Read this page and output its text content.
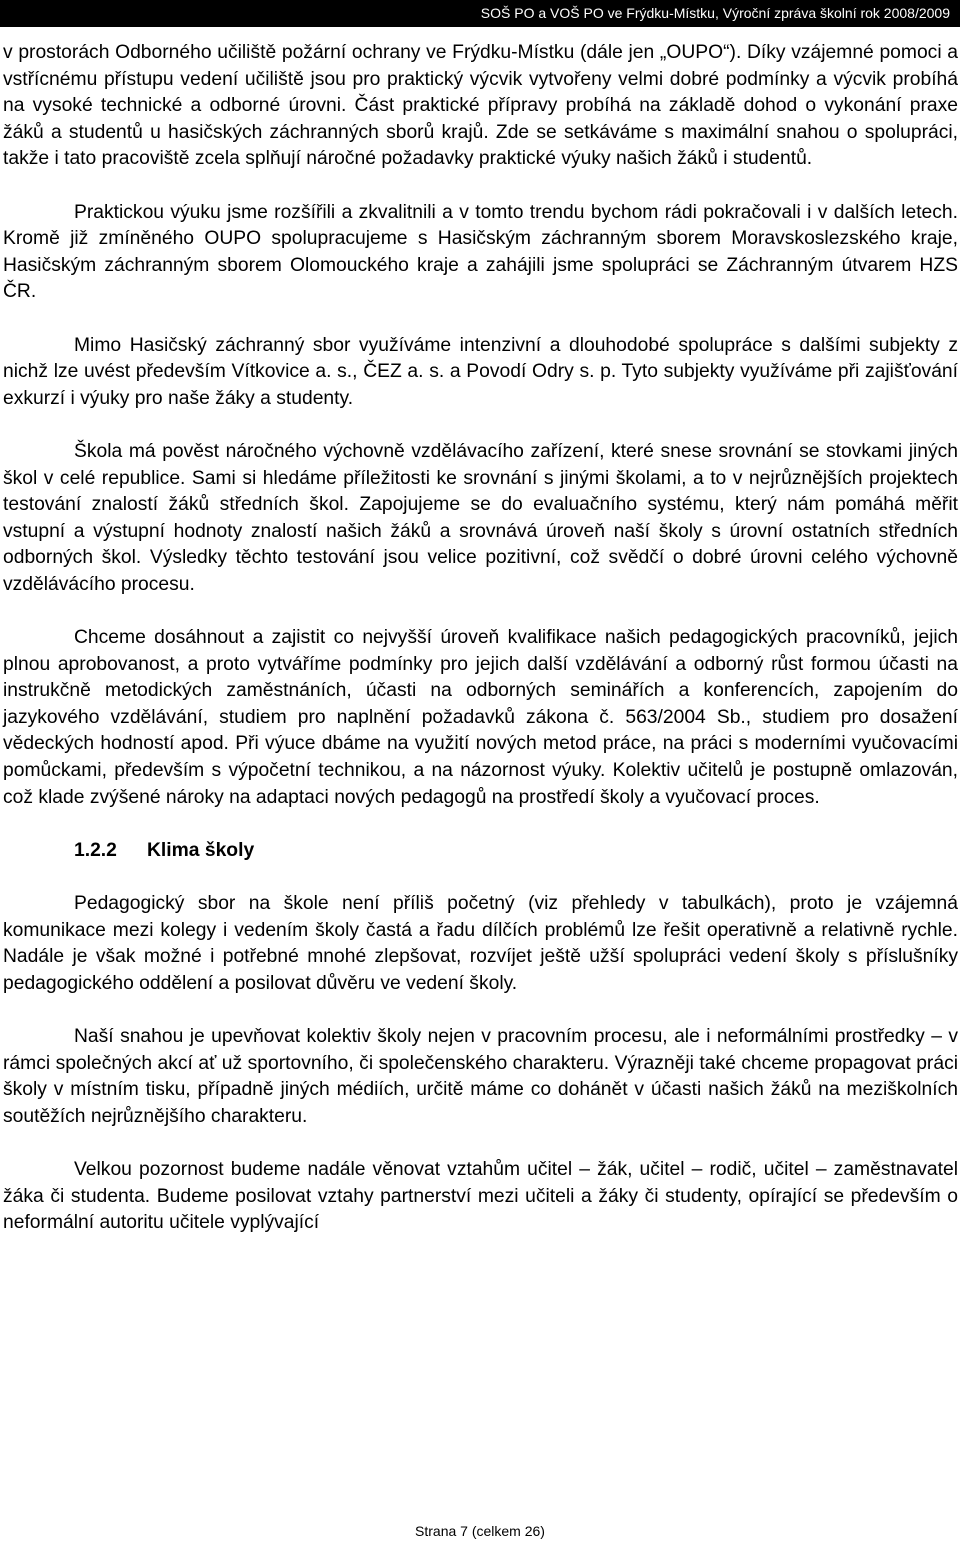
SOŠ PO a VOŠ PO ve Frýdku-Místku, Výroční zpráva školní rok 2008/2009

v prostorách Odborného učiliště požární ochrany ve Frýdku-Místku (dále jen „OUPO“). Díky vzájemné pomoci a vstřícnému přístupu vedení učiliště jsou pro praktický výcvik vytvořeny velmi dobré podmínky a výcvik probíhá na vysoké technické a odborné úrovni. Část praktické přípravy probíhá na základě dohod o vykonání praxe žáků a studentů u hasičských záchranných sborů krajů. Zde se setkáváme s maximální snahou o spolupráci, takže i tato pracoviště zcela splňují náročné požadavky praktické výuky našich žáků i studentů.

Praktickou výuku jsme rozšířili a zkvalitnili a v tomto trendu bychom rádi pokračovali i v dalších letech. Kromě již zmíněného OUPO spolupracujeme s Hasičským záchranným sborem Moravskoslezského kraje, Hasičským záchranným sborem Olomouckého kraje a zahájili jsme spolupráci se Záchranným útvarem HZS ČR.

Mimo Hasičský záchranný sbor využíváme intenzivní a dlouhodobé spolupráce s dalšími subjekty z nichž lze uvést především Vítkovice a. s., ČEZ a. s. a Povodí Odry s. p. Tyto subjekty využíváme při zajišťování exkurzí i výuky pro naše žáky a studenty.

Škola má pověst náročného výchovně vzdělávacího zařízení, které snese srovnání se stovkami jiných škol v celé republice. Sami si hledáme příležitosti ke srovnání s jinými školami, a to v nejrůznějších projektech testování znalostí žáků středních škol. Zapojujeme se do evaluačního systému, který nám pomáhá měřit vstupní a výstupní hodnoty znalostí našich žáků a srovnává úroveň naší školy s úrovní ostatních středních odborných škol. Výsledky těchto testování jsou velice pozitivní, což svědčí o dobré úrovni celého výchovně vzdělávácího procesu.

Chceme dosáhnout a zajistit co nejvyšší úroveň kvalifikace našich pedagogických pracovníků, jejich plnou aprobovanost, a proto vytváříme podmínky pro jejich další vzdělávání a odborný růst formou účasti na instrukčně metodických zaměstnáních, účasti na odborných seminářích a konferencích, zapojením do jazykového vzdělávání, studiem pro naplnění požadavků zákona č. 563/2004 Sb., studiem pro dosažení vědeckých hodností apod. Při výuce dbáme na využití nových metod práce, na práci s moderními vyučovacími pomůckami, především s výpočetní technikou, a na názornost výuky. Kolektiv učitelů je postupně omlazován, což klade zvýšené nároky na adaptaci nových pedagogů na prostředí školy a vyučovací proces.

1.2.2 Klima školy

Pedagogický sbor na škole není příliš početný (viz přehledy v tabulkách), proto je vzájemná komunikace mezi kolegy i vedením školy častá a řadu dílčích problémů lze řešit operativně a relativně rychle. Nadále je však možné i potřebné mnohé zlepšovat, rozvíjet ještě užší spolupráci vedení školy s příslušníky pedagogického oddělení a posilovat důvěru ve vedení školy.

Naší snahou je upevňovat kolektiv školy nejen v pracovním procesu, ale i neformálními prostředky – v rámci společných akcí ať už sportovního, či společenského charakteru. Výrazněji také chceme propagovat práci školy v místním tisku, případně jiných médiích, určitě máme co dohánět v účasti našich žáků na meziškolních soutěžích nejrůznějšího charakteru.

Velkou pozornost budeme nadále věnovat vztahům učitel – žák, učitel – rodič, učitel – zaměstnavatel žáka či studenta. Budeme posilovat vztahy partnerství mezi učiteli a žáky či studenty, opírající se především o neformální autoritu učitele vyplývající

Strana 7 (celkem 26)
